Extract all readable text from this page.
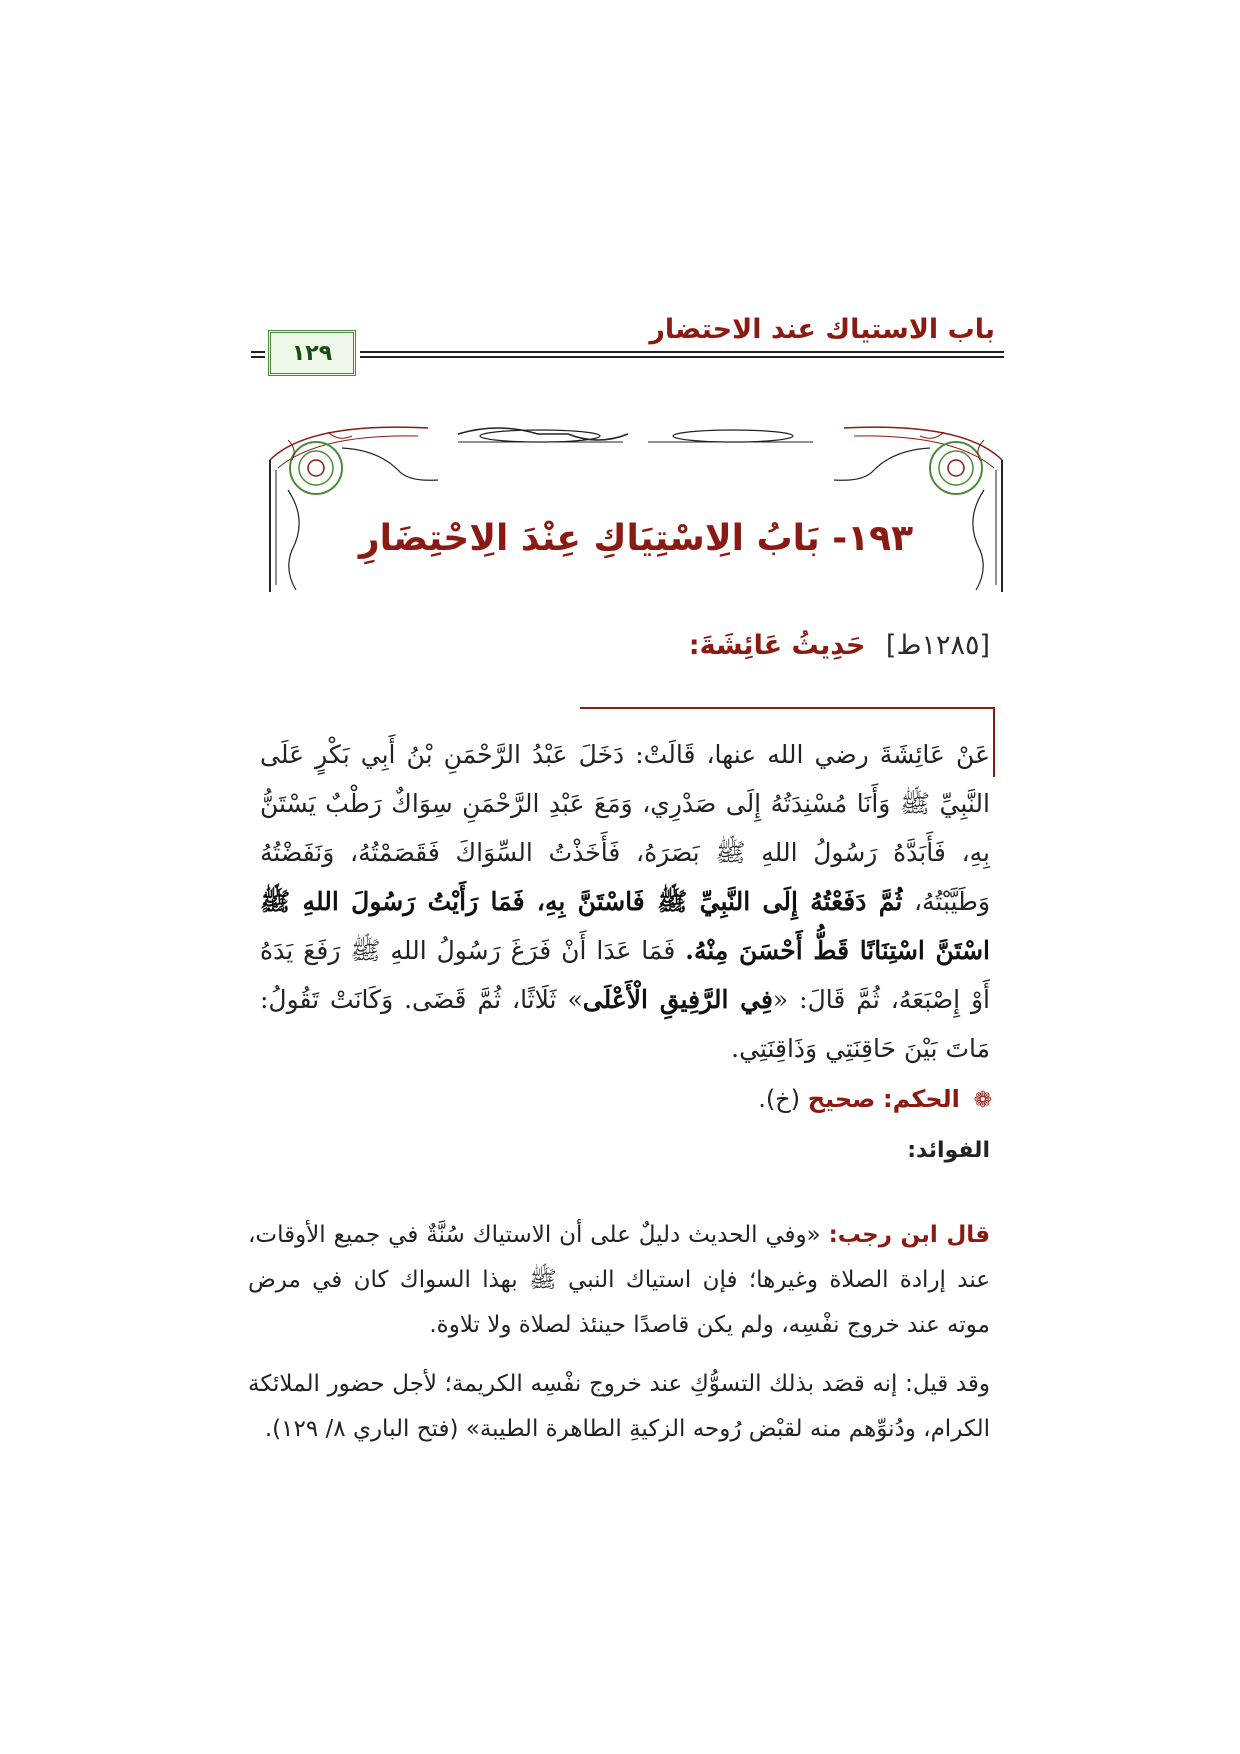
باب الاستياك عند الاحتضار
١٢٩
١٩٣- بَابُ الِاسْتِيَاكِ عِنْدَ الِاحْتِضَارِ
[١٢٨٥ط] حَدِيثُ عَائِشَةَ:
عَنْ عَائِشَةَ رضي الله عنها، قَالَتْ: دَخَلَ عَبْدُ الرَّحْمَنِ بْنُ أَبِي بَكْرٍ عَلَى النَّبِيِّ ﷺ وَأَنَا مُسْنِدَتُهُ إِلَى صَدْرِي، وَمَعَ عَبْدِ الرَّحْمَنِ سِوَاكٌ رَطْبٌ يَسْتَنُّ بِهِ، فَأَبَدَّهُ رَسُولُ اللهِ ﷺ بَصَرَهُ، فَأَخَذْتُ السِّوَاكَ فَقَصَمْتُهُ، وَنَفَضْتُهُ وَطَيَّبْتُهُ، ثُمَّ دَفَعْتُهُ إِلَى النَّبِيِّ ﷺ فَاسْتَنَّ بِهِ، فَمَا رَأَيْتُ رَسُولَ اللهِ ﷺ اسْتَنَّ اسْتِنَانًا قَطُّ أَحْسَنَ مِنْهُ. فَمَا عَدَا أَنْ فَرَغَ رَسُولُ اللهِ ﷺ رَفَعَ يَدَهُ أَوْ إِصْبَعَهُ، ثُمَّ قَالَ: «فِي الرَّفِيقِ الْأَعْلَى» ثَلَاثًا، ثُمَّ قَضَى. وَكَانَتْ تَقُولُ: مَاتَ بَيْنَ حَاقِنَتِي وَذَاقِنَتِي.
❁ الحكم: صحيح (خ).
الفوائد:
قال ابن رجب: «وفي الحديث دليلٌ على أن الاستياك سُنَّةٌ في جميع الأوقات، عند إرادة الصلاة وغيرها؛ فإن استياك النبي ﷺ بهذا السواك كان في مرض موته عند خروج نفْسِه، ولم يكن قاصدًا حينئذ لصلاة ولا تلاوة.
وقد قيل: إنه قصَد بذلك التسوُّكِ عند خروج نفْسِه الكريمة؛ لأجل حضور الملائكة الكرام، ودُنوِّهم منه لقبْض رُوحه الزكيةِ الطاهرة الطيبة» (فتح الباري ٨/ ١٢٩).
